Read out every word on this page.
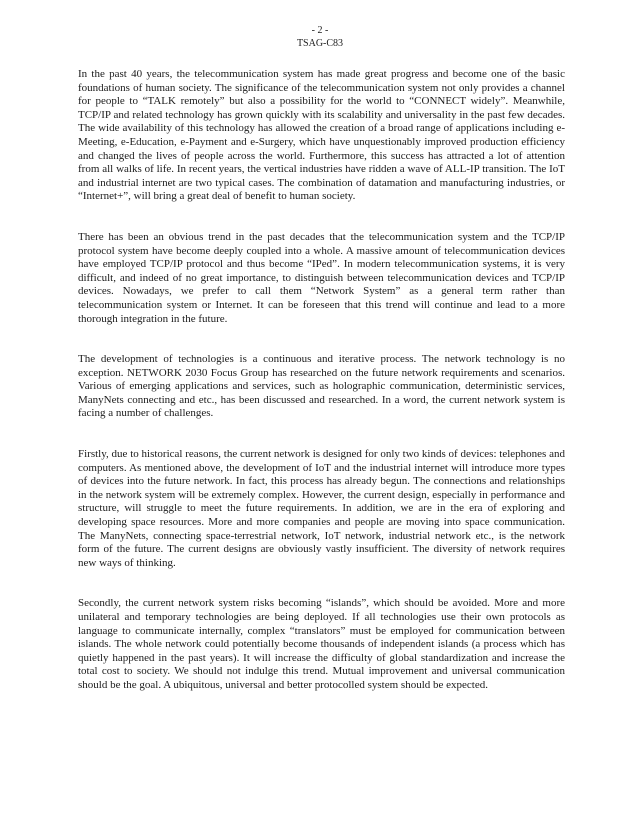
- 2 -
TSAG-C83

In the past 40 years, the telecommunication system has made great progress and become one of the basic foundations of human society. The significance of the telecommunication system not only provides a channel for people to “TALK remotely” but also a possibility for the world to “CONNECT widely”. Meanwhile, TCP/IP and related technology has grown quickly with its scalability and universality in the past few decades. The wide availability of this technology has allowed the creation of a broad range of applications including e-Meeting, e-Education, e-Payment and e-Surgery, which have unquestionably improved production efficiency and changed the lives of people across the world. Furthermore, this success has attracted a lot of attention from all walks of life. In recent years, the vertical industries have ridden a wave of ALL-IP transition. The IoT and industrial internet are two typical cases. The combination of datamation and manufacturing industries, or “Internet+”, will bring a great deal of benefit to human society.

There has been an obvious trend in the past decades that the telecommunication system and the TCP/IP protocol system have become deeply coupled into a whole. A massive amount of telecommunication devices have employed TCP/IP protocol and thus become “IPed”. In modern telecommunication systems, it is very difficult, and indeed of no great importance, to distinguish between telecommunication devices and TCP/IP devices. Nowadays, we prefer to call them “Network System” as a general term rather than telecommunication system or Internet. It can be foreseen that this trend will continue and lead to a more thorough integration in the future.

The development of technologies is a continuous and iterative process. The network technology is no exception. NETWORK 2030 Focus Group has researched on the future network requirements and scenarios. Various of emerging applications and services, such as holographic communication, deterministic services, ManyNets connecting and etc., has been discussed and researched. In a word, the current network system is facing a number of challenges.

Firstly, due to historical reasons, the current network is designed for only two kinds of devices: telephones and computers. As mentioned above, the development of IoT and the industrial internet will introduce more types of devices into the future network. In fact, this process has already begun. The connections and relationships in the network system will be extremely complex. However, the current design, especially in performance and structure, will struggle to meet the future requirements. In addition, we are in the era of exploring and developing space resources. More and more companies and people are moving into space communication. The ManyNets, connecting space-terrestrial network, IoT network, industrial network etc., is the network form of the future. The current designs are obviously vastly insufficient. The diversity of network requires new ways of thinking.

Secondly, the current network system risks becoming “islands”, which should be avoided. More and more unilateral and temporary technologies are being deployed. If all technologies use their own protocols as language to communicate internally, complex “translators” must be employed for communication between islands. The whole network could potentially become thousands of independent islands (a process which has quietly happened in the past years). It will increase the difficulty of global standardization and increase the total cost to society. We should not indulge this trend. Mutual improvement and universal communication should be the goal. A ubiquitous, universal and better protocolled system should be expected.
